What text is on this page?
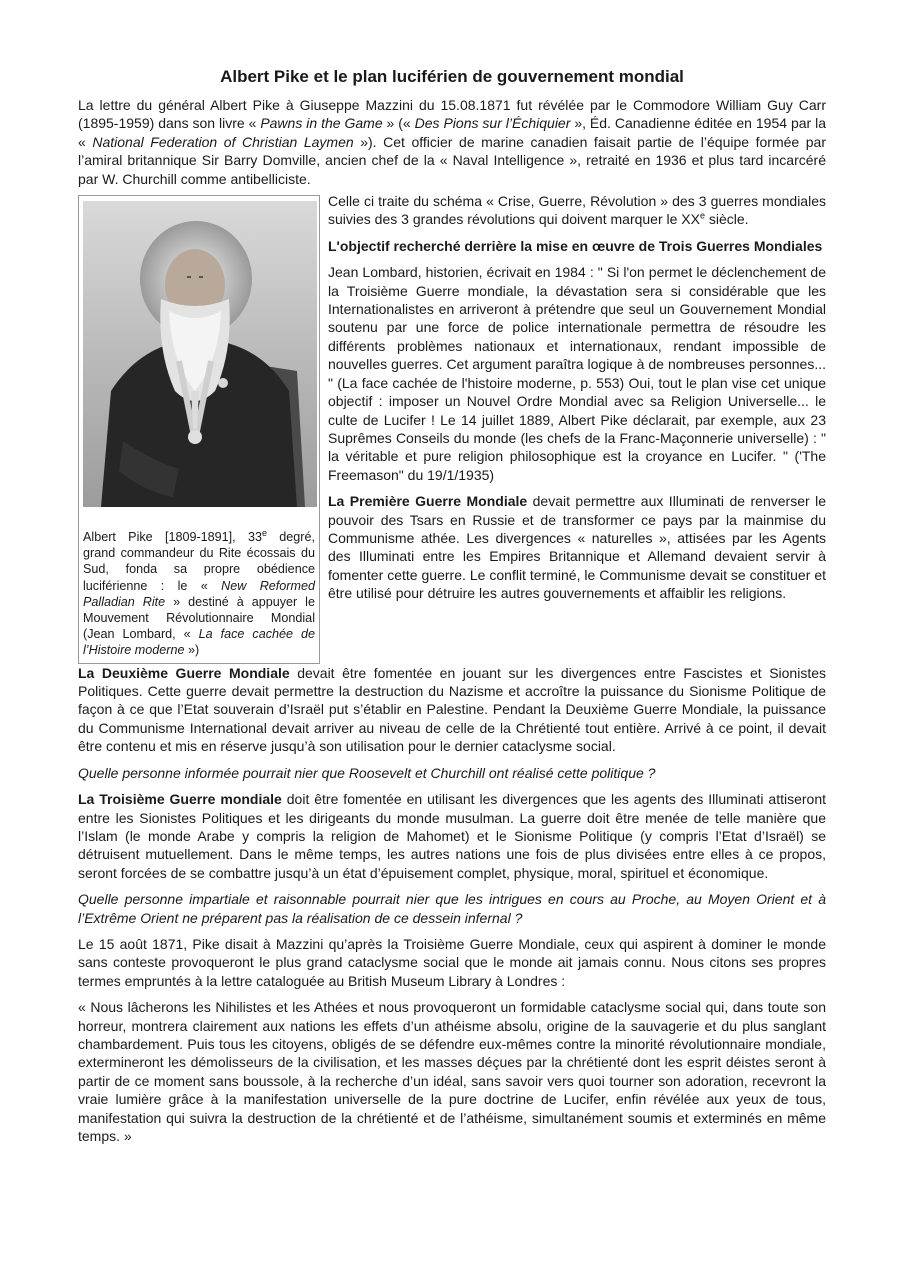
Albert Pike et le plan luciférien de gouvernement mondial

La lettre du général Albert Pike à Giuseppe Mazzini du 15.08.1871 fut révélée par le Commodore William Guy Carr (1895-1959) dans son livre « Pawns in the Game » (« Des Pions sur l’Échiquier », Éd. Canadienne éditée en 1954 par la « National Federation of Christian Laymen »). Cet officier de marine canadien faisait partie de l’équipe formée par l’amiral britannique Sir Barry Domville, ancien chef de la « Naval Intelligence », retraité en 1936 et plus tard incarcéré par W. Churchill comme antibelliciste.

Albert Pike [1809-1891], 33e degré, grand commandeur du Rite écossais du Sud, fonda sa propre obédience luciférienne : le « New Reformed Palladian Rite » destiné à appuyer le Mouvement Révolutionnaire Mondial (Jean Lombard, « La face cachée de l’Histoire moderne »)

Celle ci traite du schéma « Crise, Guerre, Révolution » des 3 guerres mondiales suivies des 3 grandes révolutions qui doivent marquer le XXe siècle.

L'objectif recherché derrière la mise en œuvre de Trois Guerres Mondiales

Jean Lombard, historien, écrivait en 1984 : " Si l'on permet le déclenchement de la Troisième Guerre mondiale, la dévastation sera si considérable que les Internationalistes en arriveront à prétendre que seul un Gouvernement Mondial soutenu par une force de police internationale permettra de résoudre les différents problèmes nationaux et internationaux, rendant impossible de nouvelles guerres. Cet argument paraîtra logique à de nombreuses personnes... " (La face cachée de l'histoire moderne, p. 553) Oui, tout le plan vise cet unique objectif : imposer un Nouvel Ordre Mondial avec sa Religion Universelle... le culte de Lucifer ! Le 14 juillet 1889, Albert Pike déclarait, par exemple, aux 23 Suprêmes Conseils du monde (les chefs de la Franc-Maçonnerie universelle) : " la véritable et pure religion philosophique est la croyance en Lucifer. " ('The Freemason" du 19/1/1935)

La Première Guerre Mondiale devait permettre aux Illuminati de renverser le pouvoir des Tsars en Russie et de transformer ce pays par la mainmise du Communisme athée. Les divergences « naturelles », attisées par les Agents des Illuminati entre les Empires Britannique et Allemand devaient servir à fomenter cette guerre. Le conflit terminé, le Communisme devait se constituer et être utilisé pour détruire les autres gouvernements et affaiblir les religions.

La Deuxième Guerre Mondiale devait être fomentée en jouant sur les divergences entre Fascistes et Sionistes Politiques. Cette guerre devait permettre la destruction du Nazisme et accroître la puissance du Sionisme Politique de façon à ce que l’Etat souverain d’Israël put s’établir en Palestine. Pendant la Deuxième Guerre Mondiale, la puissance du Communisme International devait arriver au niveau de celle de la Chrétienté tout entière. Arrivé à ce point, il devait être contenu et mis en réserve jusqu’à son utilisation pour le dernier cataclysme social.

Quelle personne informée pourrait nier que Roosevelt et Churchill ont réalisé cette politique ?

La Troisième Guerre mondiale doit être fomentée en utilisant les divergences que les agents des Illuminati attiseront entre les Sionistes Politiques et les dirigeants du monde musulman. La guerre doit être menée de telle manière que l’Islam (le monde Arabe y compris la religion de Mahomet) et le Sionisme Politique (y compris l’Etat d’Israël) se détruisent mutuellement. Dans le même temps, les autres nations une fois de plus divisées entre elles à ce propos, seront forcées de se combattre jusqu’à un état d’épuisement complet, physique, moral, spirituel et économique.

Quelle personne impartiale et raisonnable pourrait nier que les intrigues en cours au Proche, au Moyen Orient et à l’Extrême Orient ne préparent pas la réalisation de ce dessein infernal ?

Le 15 août 1871, Pike disait à Mazzini qu’après la Troisième Guerre Mondiale, ceux qui aspirent à dominer le monde sans conteste provoqueront le plus grand cataclysme social que le monde ait jamais connu. Nous citons ses propres termes empruntés à la lettre cataloguée au British Museum Library à Londres :

« Nous lâcherons les Nihilistes et les Athées et nous provoqueront un formidable cataclysme social qui, dans toute son horreur, montrera clairement aux nations les effets d’un athéisme absolu, origine de la sauvagerie et du plus sanglant chambardement. Puis tous les citoyens, obligés de se défendre eux-mêmes contre la minorité révolutionnaire mondiale, extermineront les démolisseurs de la civilisation, et les masses déçues par la chrétienté dont les esprit déistes seront à partir de ce moment sans boussole, à la recherche d’un idéal, sans savoir vers quoi tourner son adoration, recevront la vraie lumière grâce à la manifestation universelle de la pure doctrine de Lucifer, enfin révélée aux yeux de tous, manifestation qui suivra la destruction de la chrétienté et de l’athéisme, simultanément soumis et exterminés en même temps. »
